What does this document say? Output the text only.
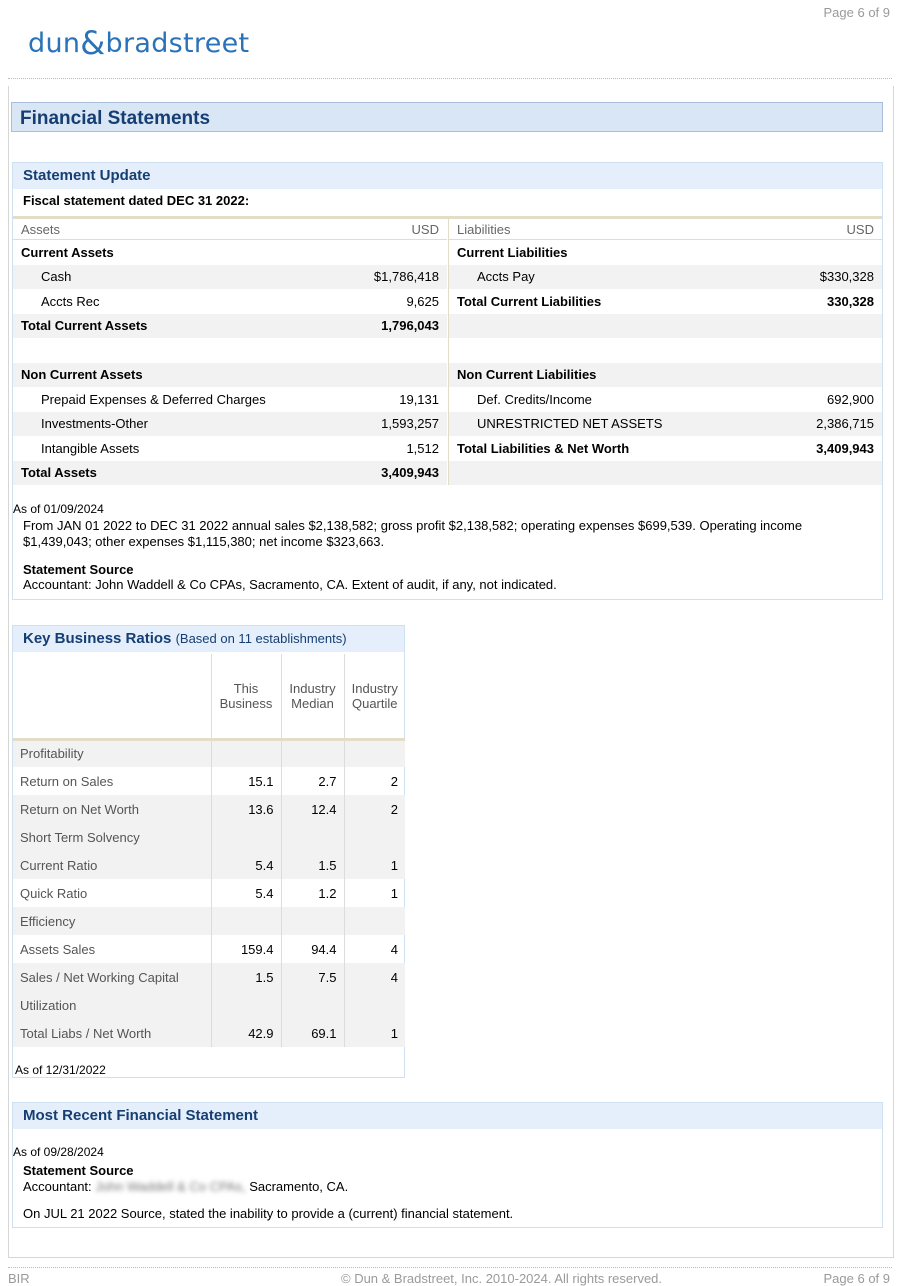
Page 6 of 9
dun&bradstreet
Financial Statements
Statement Update
Fiscal statement dated DEC 31 2022:
Assets	USD
Current Assets
Cash	$1,786,418
Accts Rec	9,625
Total Current Assets	1,796,043
Non Current Assets
Prepaid Expenses & Deferred Charges	19,131
Investments-Other	1,593,257
Intangible Assets	1,512
Total Assets	3,409,943
Liabilities	USD
Current Liabilities
Accts Pay	$330,328
Total Current Liabilities	330,328
Non Current Liabilities
Def. Credits/Income	692,900
UNRESTRICTED NET ASSETS	2,386,715
Total Liabilities & Net Worth	3,409,943
As of 01/09/2024
From JAN 01 2022 to DEC 31 2022 annual sales $2,138,582; gross profit $2,138,582; operating expenses $699,539. Operating income $1,439,043; other expenses $1,115,380; net income $323,663.
Statement Source
Accountant: John Waddell & Co CPAs, Sacramento, CA. Extent of audit, if any, not indicated.
Key Business Ratios (Based on 11 establishments)
	This Business	Industry Median	Industry Quartile
Profitability			
Return on Sales	15.1	2.7	2
Return on Net Worth	13.6	12.4	2
Short Term Solvency			
Current Ratio	5.4	1.5	1
Quick Ratio	5.4	1.2	1
Efficiency			
Assets Sales	159.4	94.4	4
Sales / Net Working Capital	1.5	7.5	4
Utilization			
Total Liabs / Net Worth	42.9	69.1	1
As of 12/31/2022
Most Recent Financial Statement
As of 09/28/2024
Statement Source
Accountant: John Waddell & Co CPAs, Sacramento, CA.
On JUL 21 2022 Source, stated the inability to provide a (current) financial statement.
BIR	© Dun & Bradstreet, Inc. 2010-2024. All rights reserved.	Page 6 of 9
